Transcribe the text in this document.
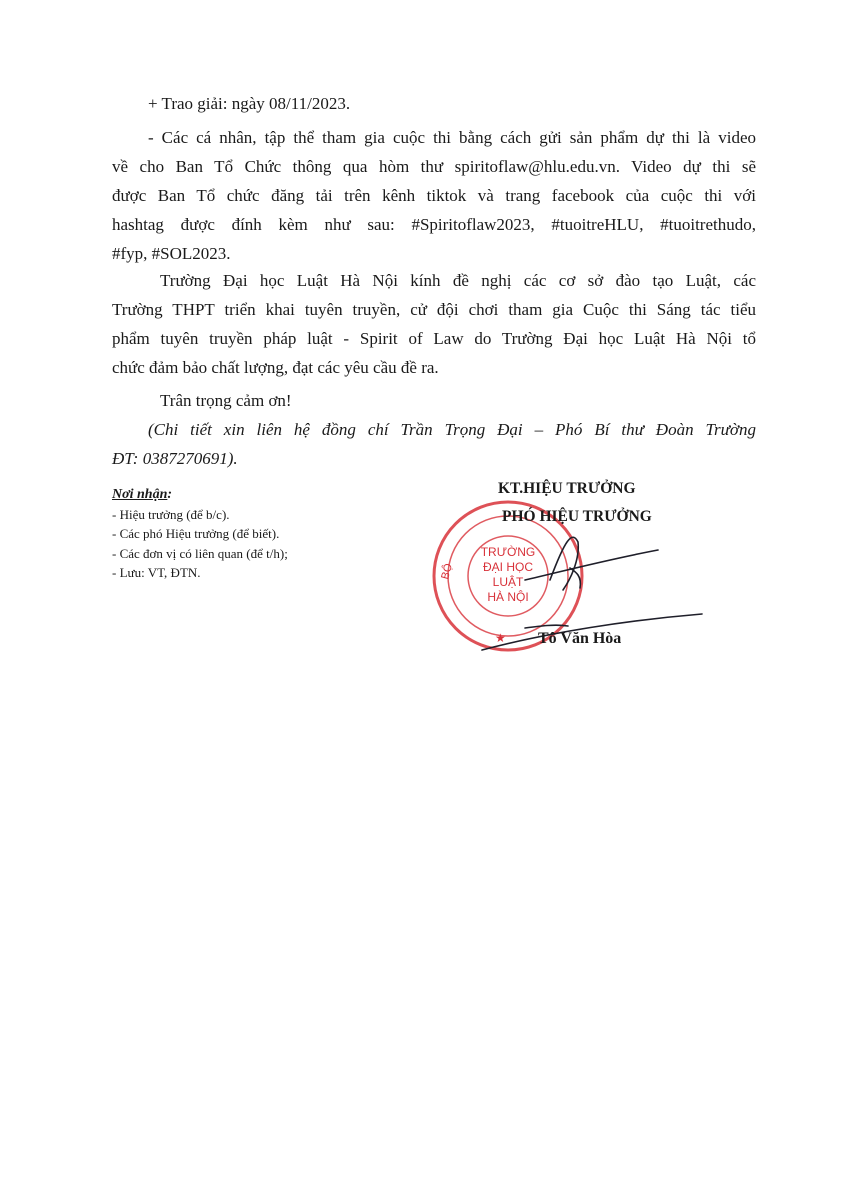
+ Trao giải: ngày 08/11/2023.
- Các cá nhân, tập thể tham gia cuộc thi bằng cách gửi sản phẩm dự thi là video
về cho Ban Tổ Chức thông qua hòm thư spiritoflaw@hlu.edu.vn. Video dự thi sẽ
được Ban Tổ chức đăng tải trên kênh tiktok và trang facebook của cuộc thi với
hashtag được đính kèm như sau: #Spiritoflaw2023, #tuoitreHLU, #tuoitrethudo,
#fyp, #SOL2023.
Trường Đại học Luật Hà Nội kính đề nghị các cơ sở đào tạo Luật, các
Trường THPT triển khai tuyên truyền, cử đội chơi tham gia Cuộc thi Sáng tác tiểu
phẩm tuyên truyền pháp luật - Spirit of Law do Trường Đại học Luật Hà Nội tổ
chức đảm bảo chất lượng, đạt các yêu cầu đề ra.
Trân trọng cảm ơn!
(Chi tiết xin liên hệ đồng chí Trần Trọng Đại – Phó Bí thư Đoàn Trường
ĐT: 0387270691).
Nơi nhận:
- Hiệu trưởng (để b/c).
- Các phó Hiệu trưởng (để biết).
- Các đơn vị có liên quan (để t/h);
- Lưu: VT, ĐTN.	BỘ
TRƯỜNG
ĐẠI HỌC
LUẬT
HÀ NỘI
★
KT.HIỆU TRƯỞNG
PHÓ HIỆU TRƯỞNG
Tô Văn Hòa
